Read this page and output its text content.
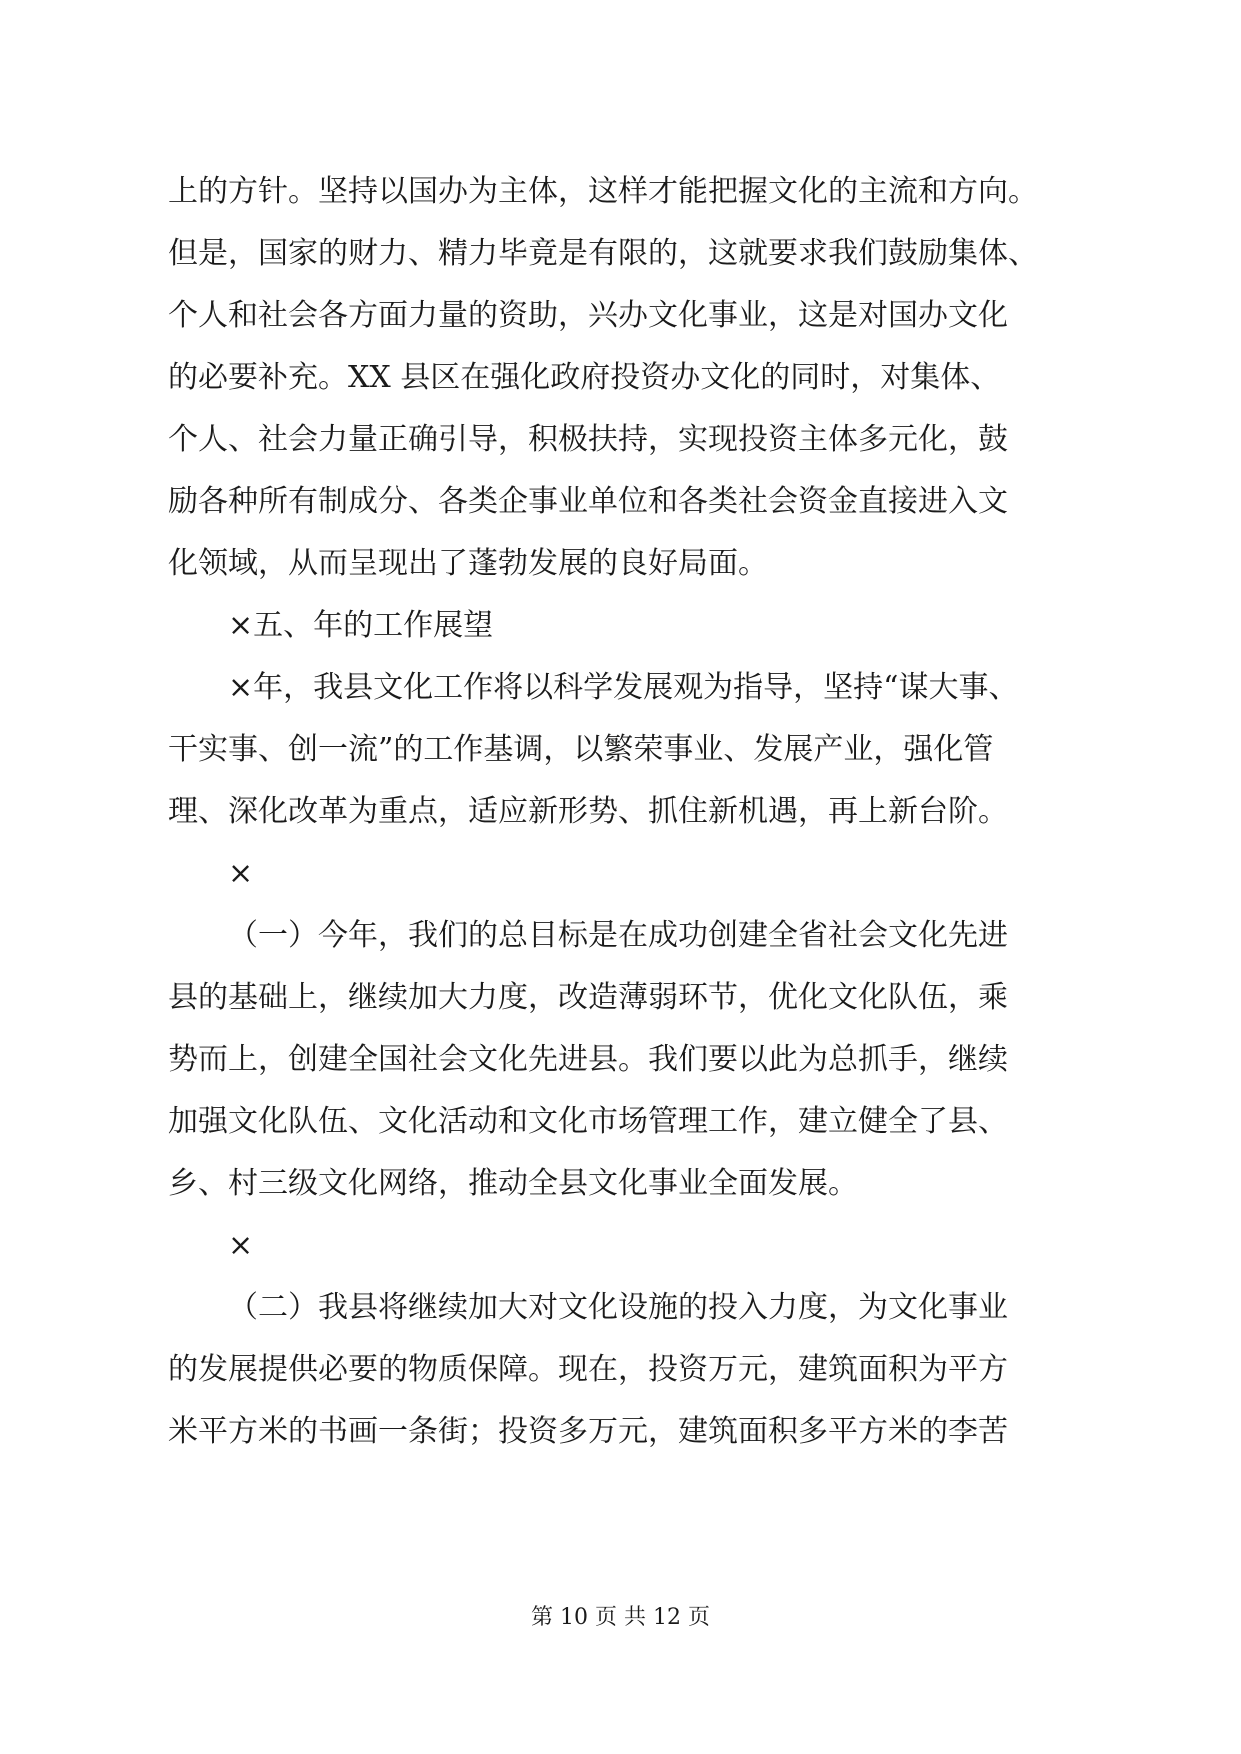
上的方针。坚持以国办为主体，这样才能把握文化的主流和方向。
但是，国家的财力、精力毕竟是有限的，这就要求我们鼓励集体、
个人和社会各方面力量的资助，兴办文化事业，这是对国办文化
的必要补充。XX 县区在强化政府投资办文化的同时，对集体、
个人、社会力量正确引导，积极扶持，实现投资主体多元化，鼓
励各种所有制成分、各类企事业单位和各类社会资金直接进入文
化领域，从而呈现出了蓬勃发展的良好局面。
×五、年的工作展望
×年，我县文化工作将以科学发展观为指导，坚持“谋大事、
干实事、创一流”的工作基调，以繁荣事业、发展产业，强化管
理、深化改革为重点，适应新形势、抓住新机遇，再上新台阶。
×
（一）今年，我们的总目标是在成功创建全省社会文化先进
县的基础上，继续加大力度，改造薄弱环节，优化文化队伍，乘
势而上，创建全国社会文化先进县。我们要以此为总抓手，继续
加强文化队伍、文化活动和文化市场管理工作，建立健全了县、
乡、村三级文化网络，推动全县文化事业全面发展。
×
（二）我县将继续加大对文化设施的投入力度，为文化事业
的发展提供必要的物质保障。现在，投资万元，建筑面积为平方
米平方米的书画一条街；投资多万元，建筑面积多平方米的李苦
第 10 页 共 12 页
